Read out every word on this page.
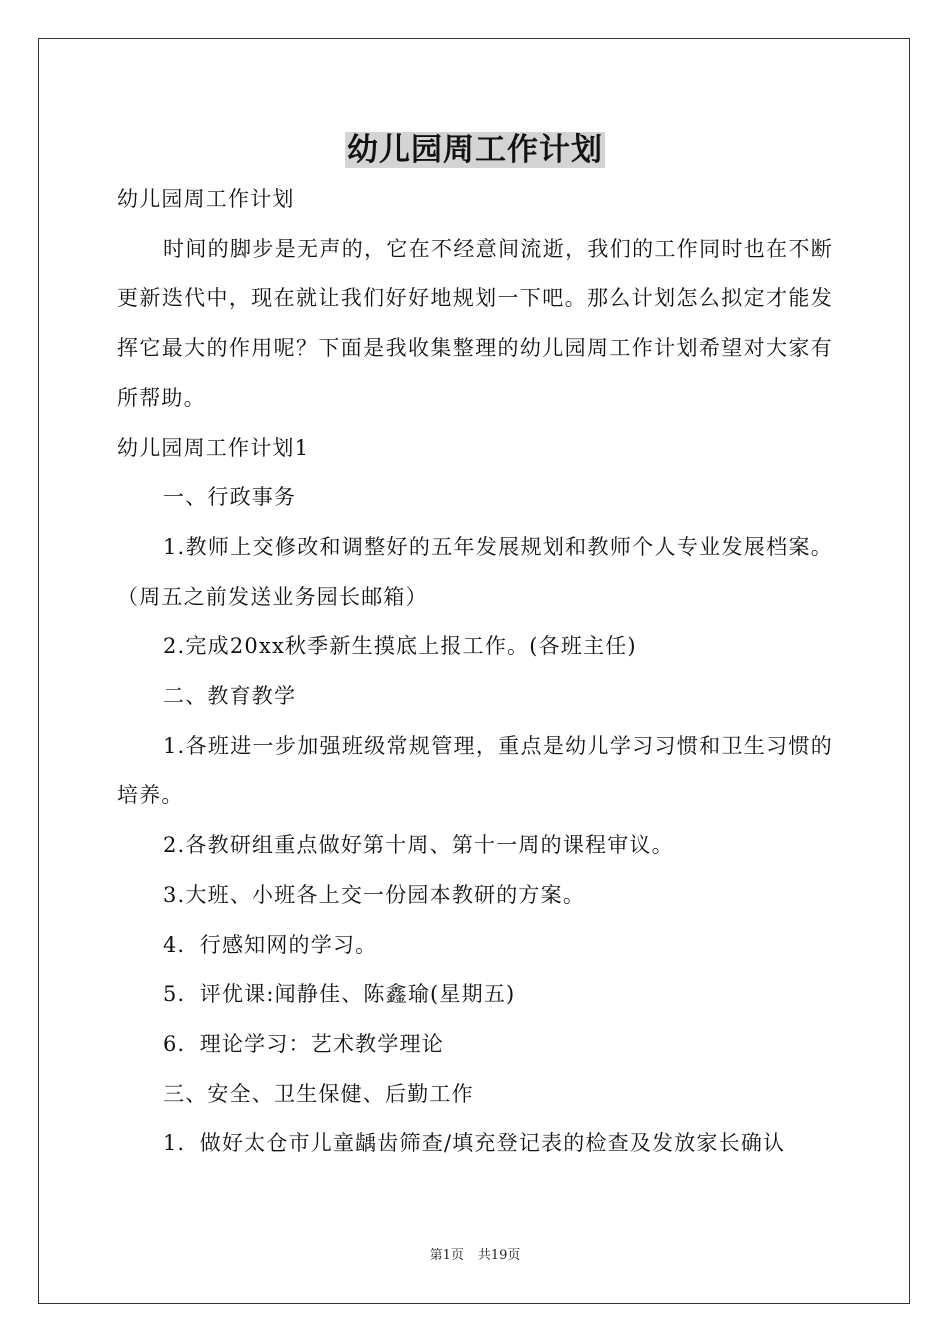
幼儿园周工作计划

幼儿园周工作计划

时间的脚步是无声的，它在不经意间流逝，我们的工作同时也在不断更新迭代中，现在就让我们好好地规划一下吧。那么计划怎么拟定才能发挥它最大的作用呢？下面是我收集整理的幼儿园周工作计划希望对大家有所帮助。

幼儿园周工作计划1

一、行政事务

1.教师上交修改和调整好的五年发展规划和教师个人专业发展档案。（周五之前发送业务园长邮箱）

2.完成20xx秋季新生摸底上报工作。(各班主任)

二、教育教学

1.各班进一步加强班级常规管理，重点是幼儿学习习惯和卫生习惯的培养。

2.各教研组重点做好第十周、第十一周的课程审议。

3.大班、小班各上交一份园本教研的方案。

4．行感知网的学习。

5．评优课:闻静佳、陈鑫瑜(星期五)

6．理论学习：艺术教学理论

三、安全、卫生保健、后勤工作

1．做好太仓市儿童龋齿筛查/填充登记表的检查及发放家长确认

第1页 共19页
